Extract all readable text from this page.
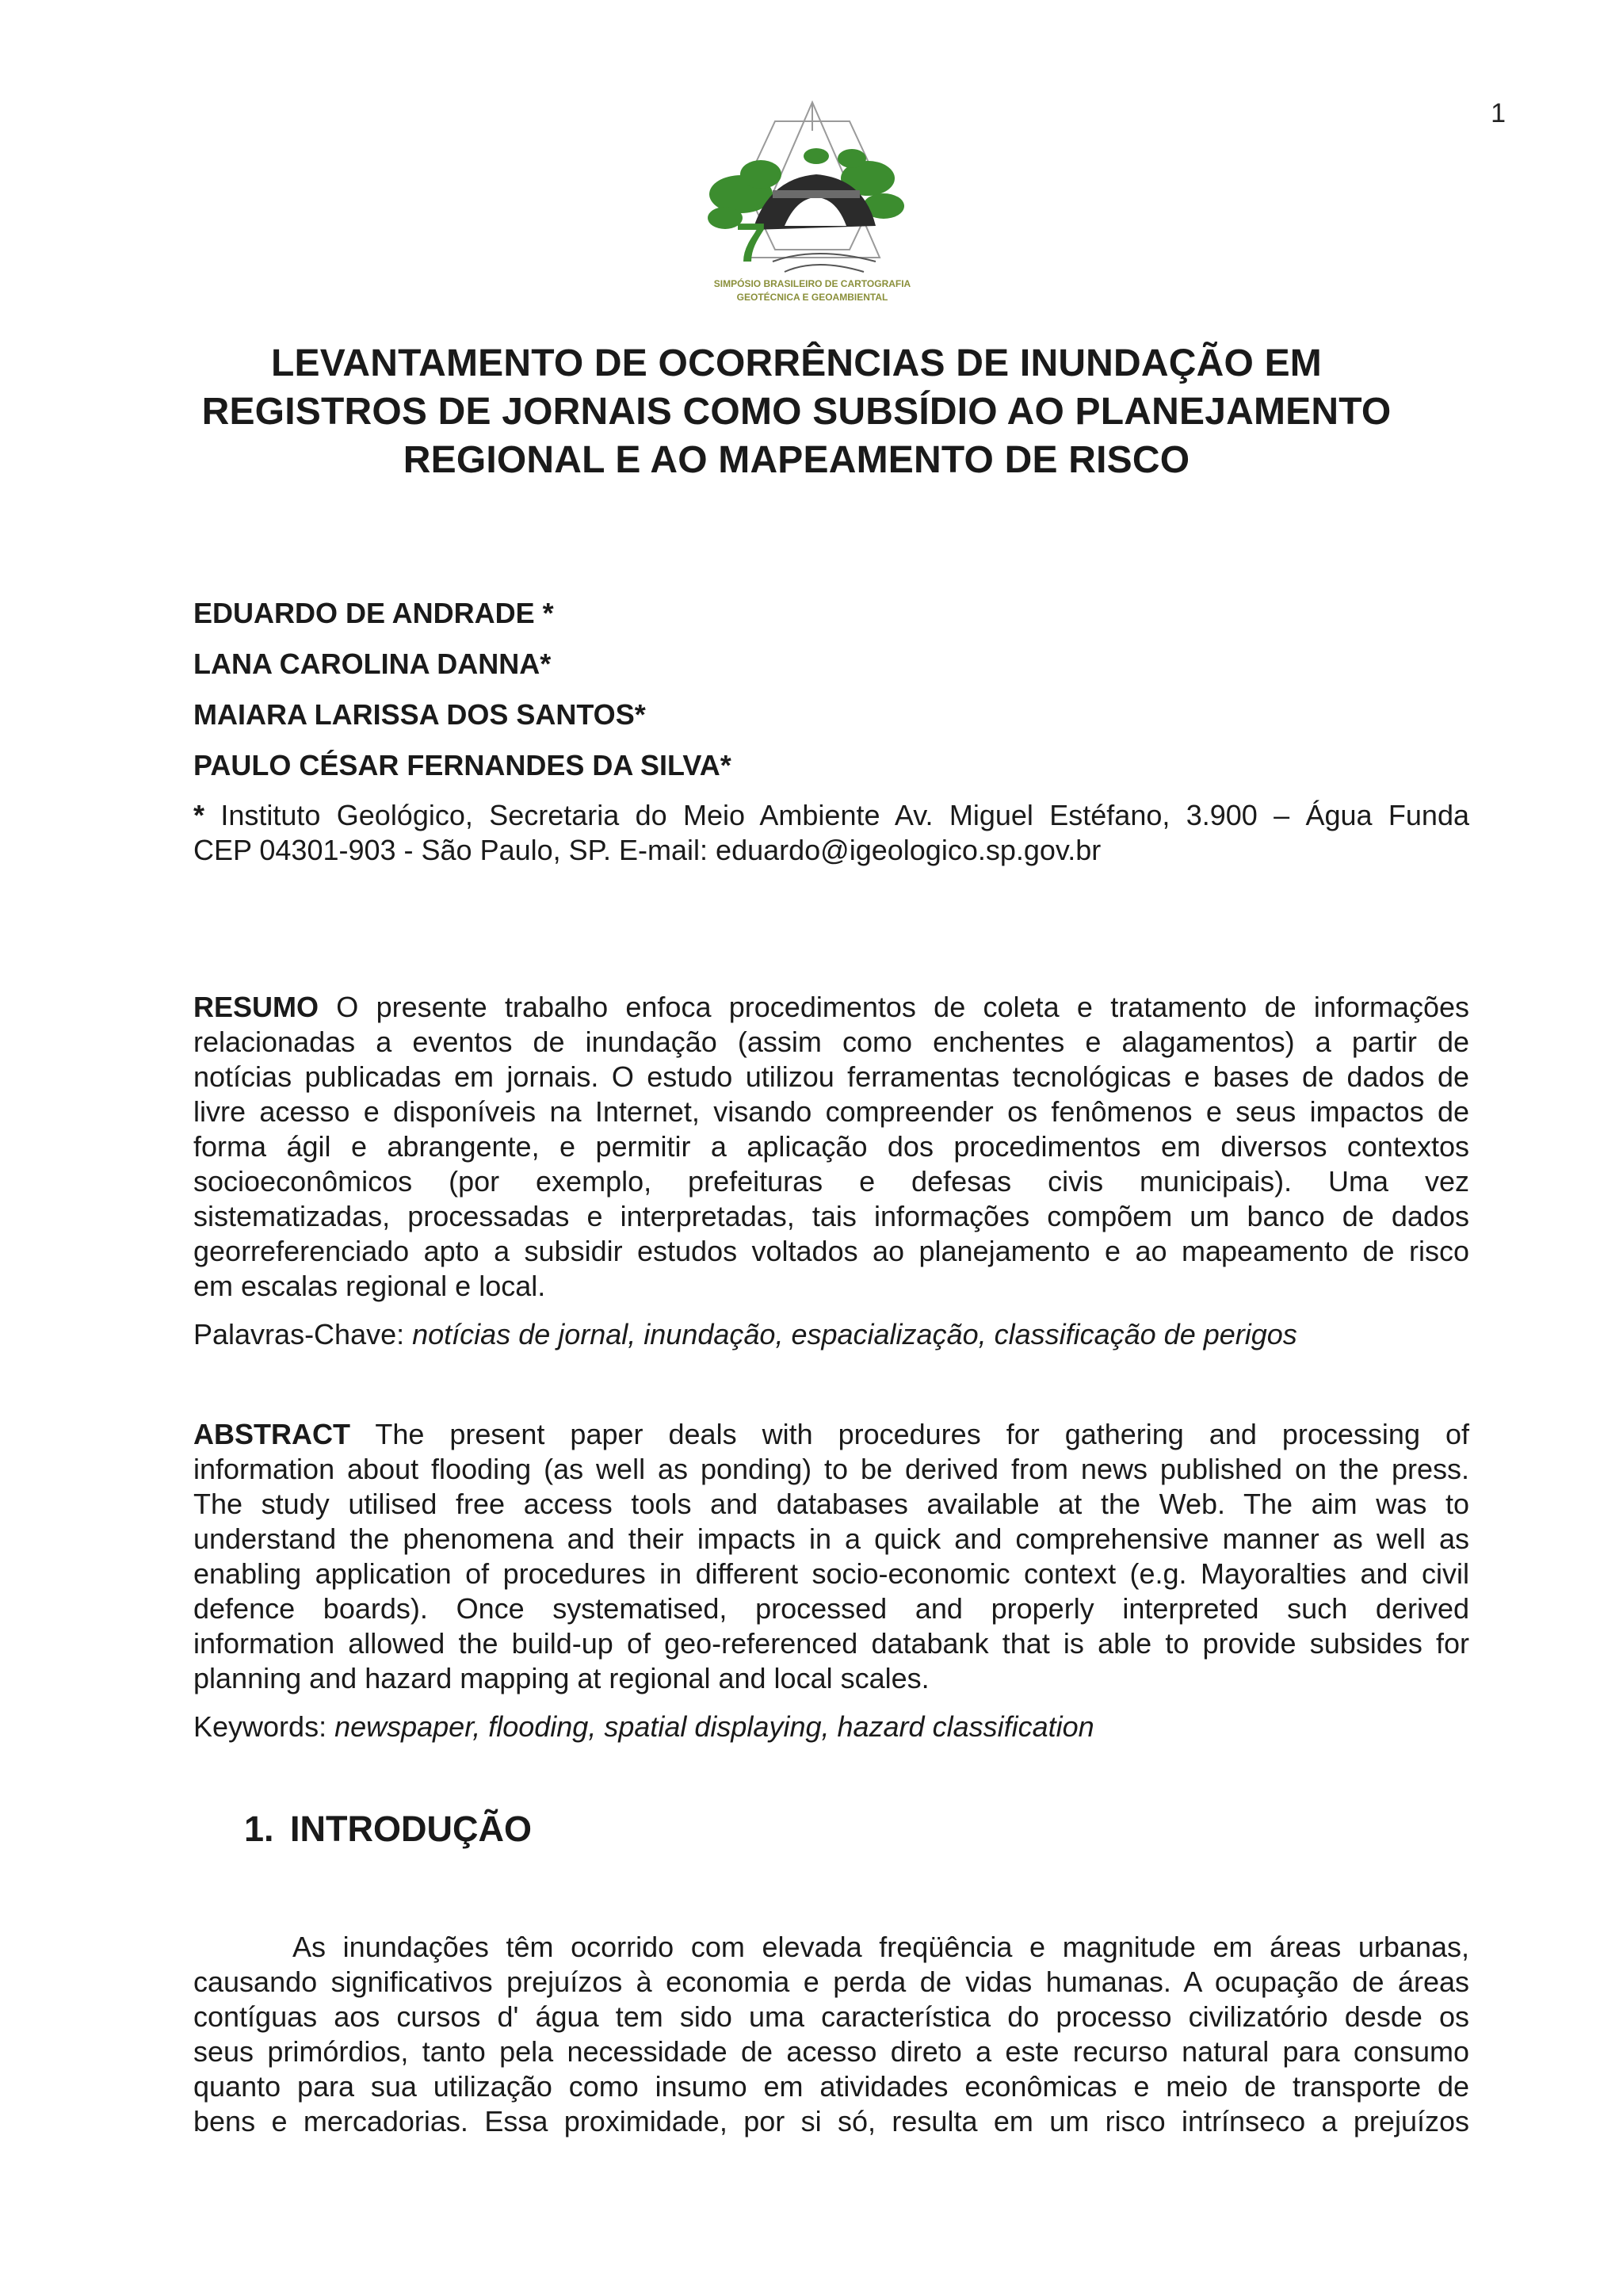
1
7
SIMPÓSIO BRASILEIRO DE CARTOGRAFIA
GEOTÉCNICA E GEOAMBIENTAL
LEVANTAMENTO DE OCORRÊNCIAS DE INUNDAÇÃO EM
REGISTROS DE JORNAIS COMO SUBSÍDIO AO PLANEJAMENTO
REGIONAL E AO MAPEAMENTO DE RISCO
EDUARDO DE ANDRADE *
LANA CAROLINA DANNA*
MAIARA LARISSA DOS SANTOS*
PAULO CÉSAR FERNANDES DA SILVA*
* Instituto Geológico, Secretaria do Meio Ambiente Av. Miguel Estéfano, 3.900 – Água Funda
CEP 04301-903 - São Paulo, SP. E-mail: eduardo@igeologico.sp.gov.br
RESUMO O presente trabalho enfoca procedimentos de coleta e tratamento de informações
relacionadas a eventos de inundação (assim como enchentes e alagamentos) a partir de
notícias publicadas em jornais. O estudo utilizou ferramentas tecnológicas e bases de dados de
livre acesso e disponíveis na Internet, visando compreender os fenômenos e seus impactos de
forma ágil e abrangente, e permitir a aplicação dos procedimentos em diversos contextos
socioeconômicos (por exemplo, prefeituras e defesas civis municipais). Uma vez
sistematizadas, processadas e interpretadas, tais informações compõem um banco de dados
georreferenciado apto a subsidir estudos voltados ao planejamento e ao mapeamento de risco
em escalas regional e local.
Palavras-Chave: notícias de jornal, inundação, espacialização, classificação de perigos
ABSTRACT The present paper deals with procedures for gathering and processing of
information about flooding (as well as ponding) to be derived from news published on the press.
The study utilised free access tools and databases available at the Web. The aim was to
understand the phenomena and their impacts in a quick and comprehensive manner as well as
enabling application of procedures in different socio-economic context (e.g. Mayoralties and civil
defence boards). Once systematised, processed and properly interpreted such derived
information allowed the build-up of geo-referenced databank that is able to provide subsides for
planning and hazard mapping at regional and local scales.
Keywords: newspaper, flooding, spatial displaying, hazard classification
1. INTRODUÇÃO
As inundações têm ocorrido com elevada freqüência e magnitude em áreas urbanas,
causando significativos prejuízos à economia e perda de vidas humanas. A ocupação de áreas
contíguas aos cursos d' água tem sido uma característica do processo civilizatório desde os
seus primórdios, tanto pela necessidade de acesso direto a este recurso natural para consumo
quanto para sua utilização como insumo em atividades econômicas e meio de transporte de
bens e mercadorias. Essa proximidade, por si só, resulta em um risco intrínseco a prejuízos
